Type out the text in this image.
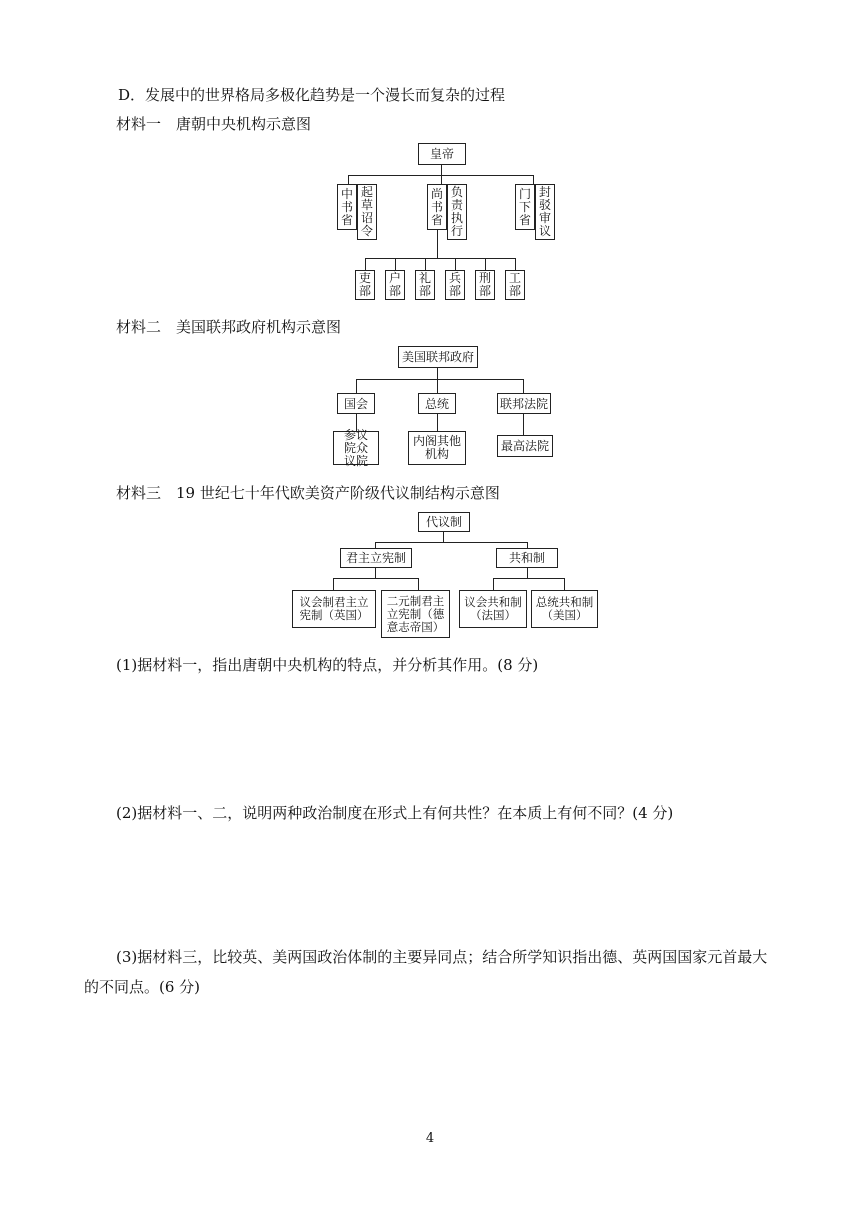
D．发展中的世界格局多极化趋势是一个漫长而复杂的过程
材料一　唐朝中央机构示意图
皇帝
中书省
起草诏令
尚书省
负责执行
门下省
封驳审议
吏部
户部
礼部
兵部
刑部
工部
材料二　美国联邦政府机构示意图
美国联邦政府
国会	总统	联邦法院
参议院众议院
内阁其他机构
最高法院
材料三　19 世纪七十年代欧美资产阶级代议制结构示意图
代议制
君主立宪制	共和制
议会制君主立宪制（英国）
二元制君主立宪制（德意志帝国）
议会共和制（法国）
总统共和制（美国）
(1)据材料一，指出唐朝中央机构的特点，并分析其作用。(8 分)
(2)据材料一、二，说明两种政治制度在形式上有何共性？在本质上有何不同？(4 分)
(3)据材料三，比较英、美两国政治体制的主要异同点；结合所学知识指出德、英两国国家元首最大
的不同点。(6 分)
4
